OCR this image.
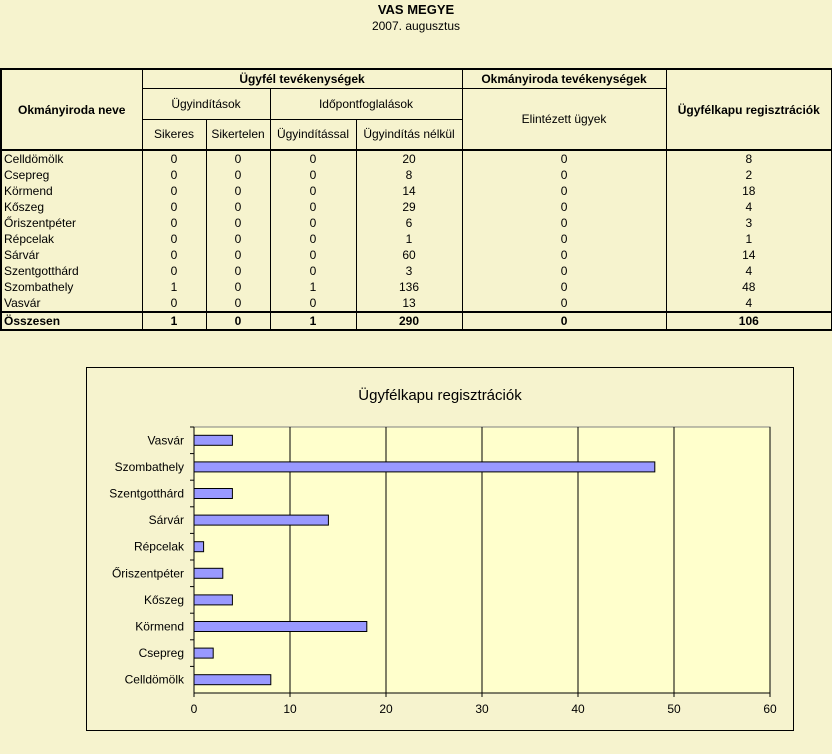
VAS MEGYE
2007. augusztus
Okmányiroda neve	Ügyfél tevékenységek				Okmányiroda tevékenységek	Ügyfélkapu regisztrációk
	Ügyindítások		Időpontfoglalások		Elintézett ügyek	
	Sikeres	Sikertelen	Ügyindítással	Ügyindítás nélkül		
Celldömölk	0	0	0	20	0	8
Csepreg	0	0	0	8	0	2
Körmend	0	0	0	14	0	18
Kőszeg	0	0	0	29	0	4
Őriszentpéter	0	0	0	6	0	3
Répcelak	0	0	0	1	0	1
Sárvár	0	0	0	60	0	14
Szentgotthárd	0	0	0	3	0	4
Szombathely	1	0	1	136	0	48
Vasvár	0	0	0	13	0	4
Összesen	1	0	1	290	0	106
Ügyfélkapu regisztrációk
0	10	20	30	40	50	60
Vasvár
Szombathely
Szentgotthárd
Sárvár
Répcelak
Őriszentpéter
Kőszeg
Körmend
Csepreg
Celldömölk
